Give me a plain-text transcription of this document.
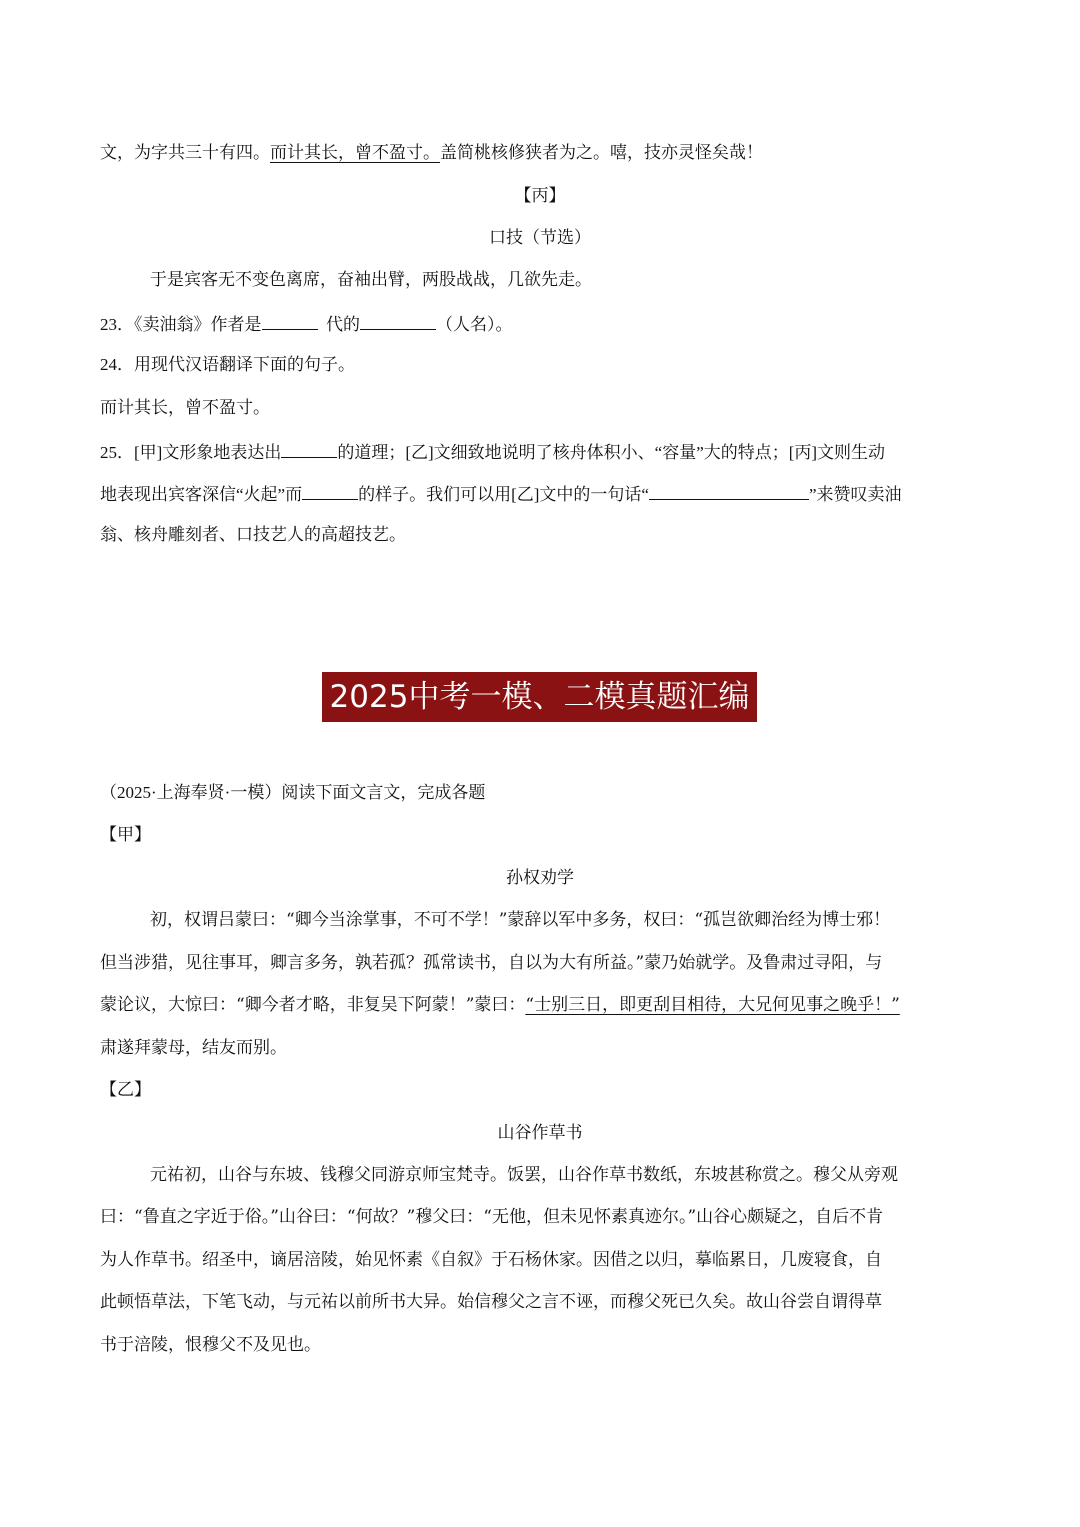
文，为字共三十有四。而计其长，曾不盈寸。盖简桃核修狭者为之。嘻，技亦灵怪矣哉！
【丙】
口技（节选）
于是宾客无不变色离席，奋袖出臂，两股战战，几欲先走。
23．《卖油翁》作者是	代的	（人名）。
24．用现代汉语翻译下面的句子。
而计其长，曾不盈寸。
25．[甲]文形象地表达出	的道理；[乙]文细致地说明了核舟体积小、“容量”大的特点；[丙]文则生动
地表现出宾客深信“火起”而	的样子。我们可以用[乙]文中的一句话“	”来赞叹卖油
翁、核舟雕刻者、口技艺人的高超技艺。
2025中考一模、二模真题汇编
（2025·上海奉贤·一模）阅读下面文言文，完成各题
【甲】
孙权劝学
初，权谓吕蒙曰：“卿今当涂掌事，不可不学！”蒙辞以军中多务，权曰：“孤岂欲卿治经为博士邪！
但当涉猎，见往事耳，卿言多务，孰若孤？孤常读书，自以为大有所益。”蒙乃始就学。及鲁肃过寻阳，与
蒙论议，大惊曰：“卿今者才略，非复吴下阿蒙！”蒙曰：“士别三日，即更刮目相待，大兄何见事之晚乎！”
肃遂拜蒙母，结友而别。
【乙】
山谷作草书
元祐初，山谷与东坡、钱穆父同游京师宝梵寺。饭罢，山谷作草书数纸，东坡甚称赏之。穆父从旁观
曰：“鲁直之字近于俗。”山谷曰：“何故？”穆父曰：“无他，但未见怀素真迹尔。”山谷心颇疑之，自后不肯
为人作草书。绍圣中，谪居涪陵，始见怀素《自叙》于石杨休家。因借之以归，摹临累日，几废寝食，自
此顿悟草法，下笔飞动，与元祐以前所书大异。始信穆父之言不诬，而穆父死已久矣。故山谷尝自谓得草
书于涪陵，恨穆父不及见也。
